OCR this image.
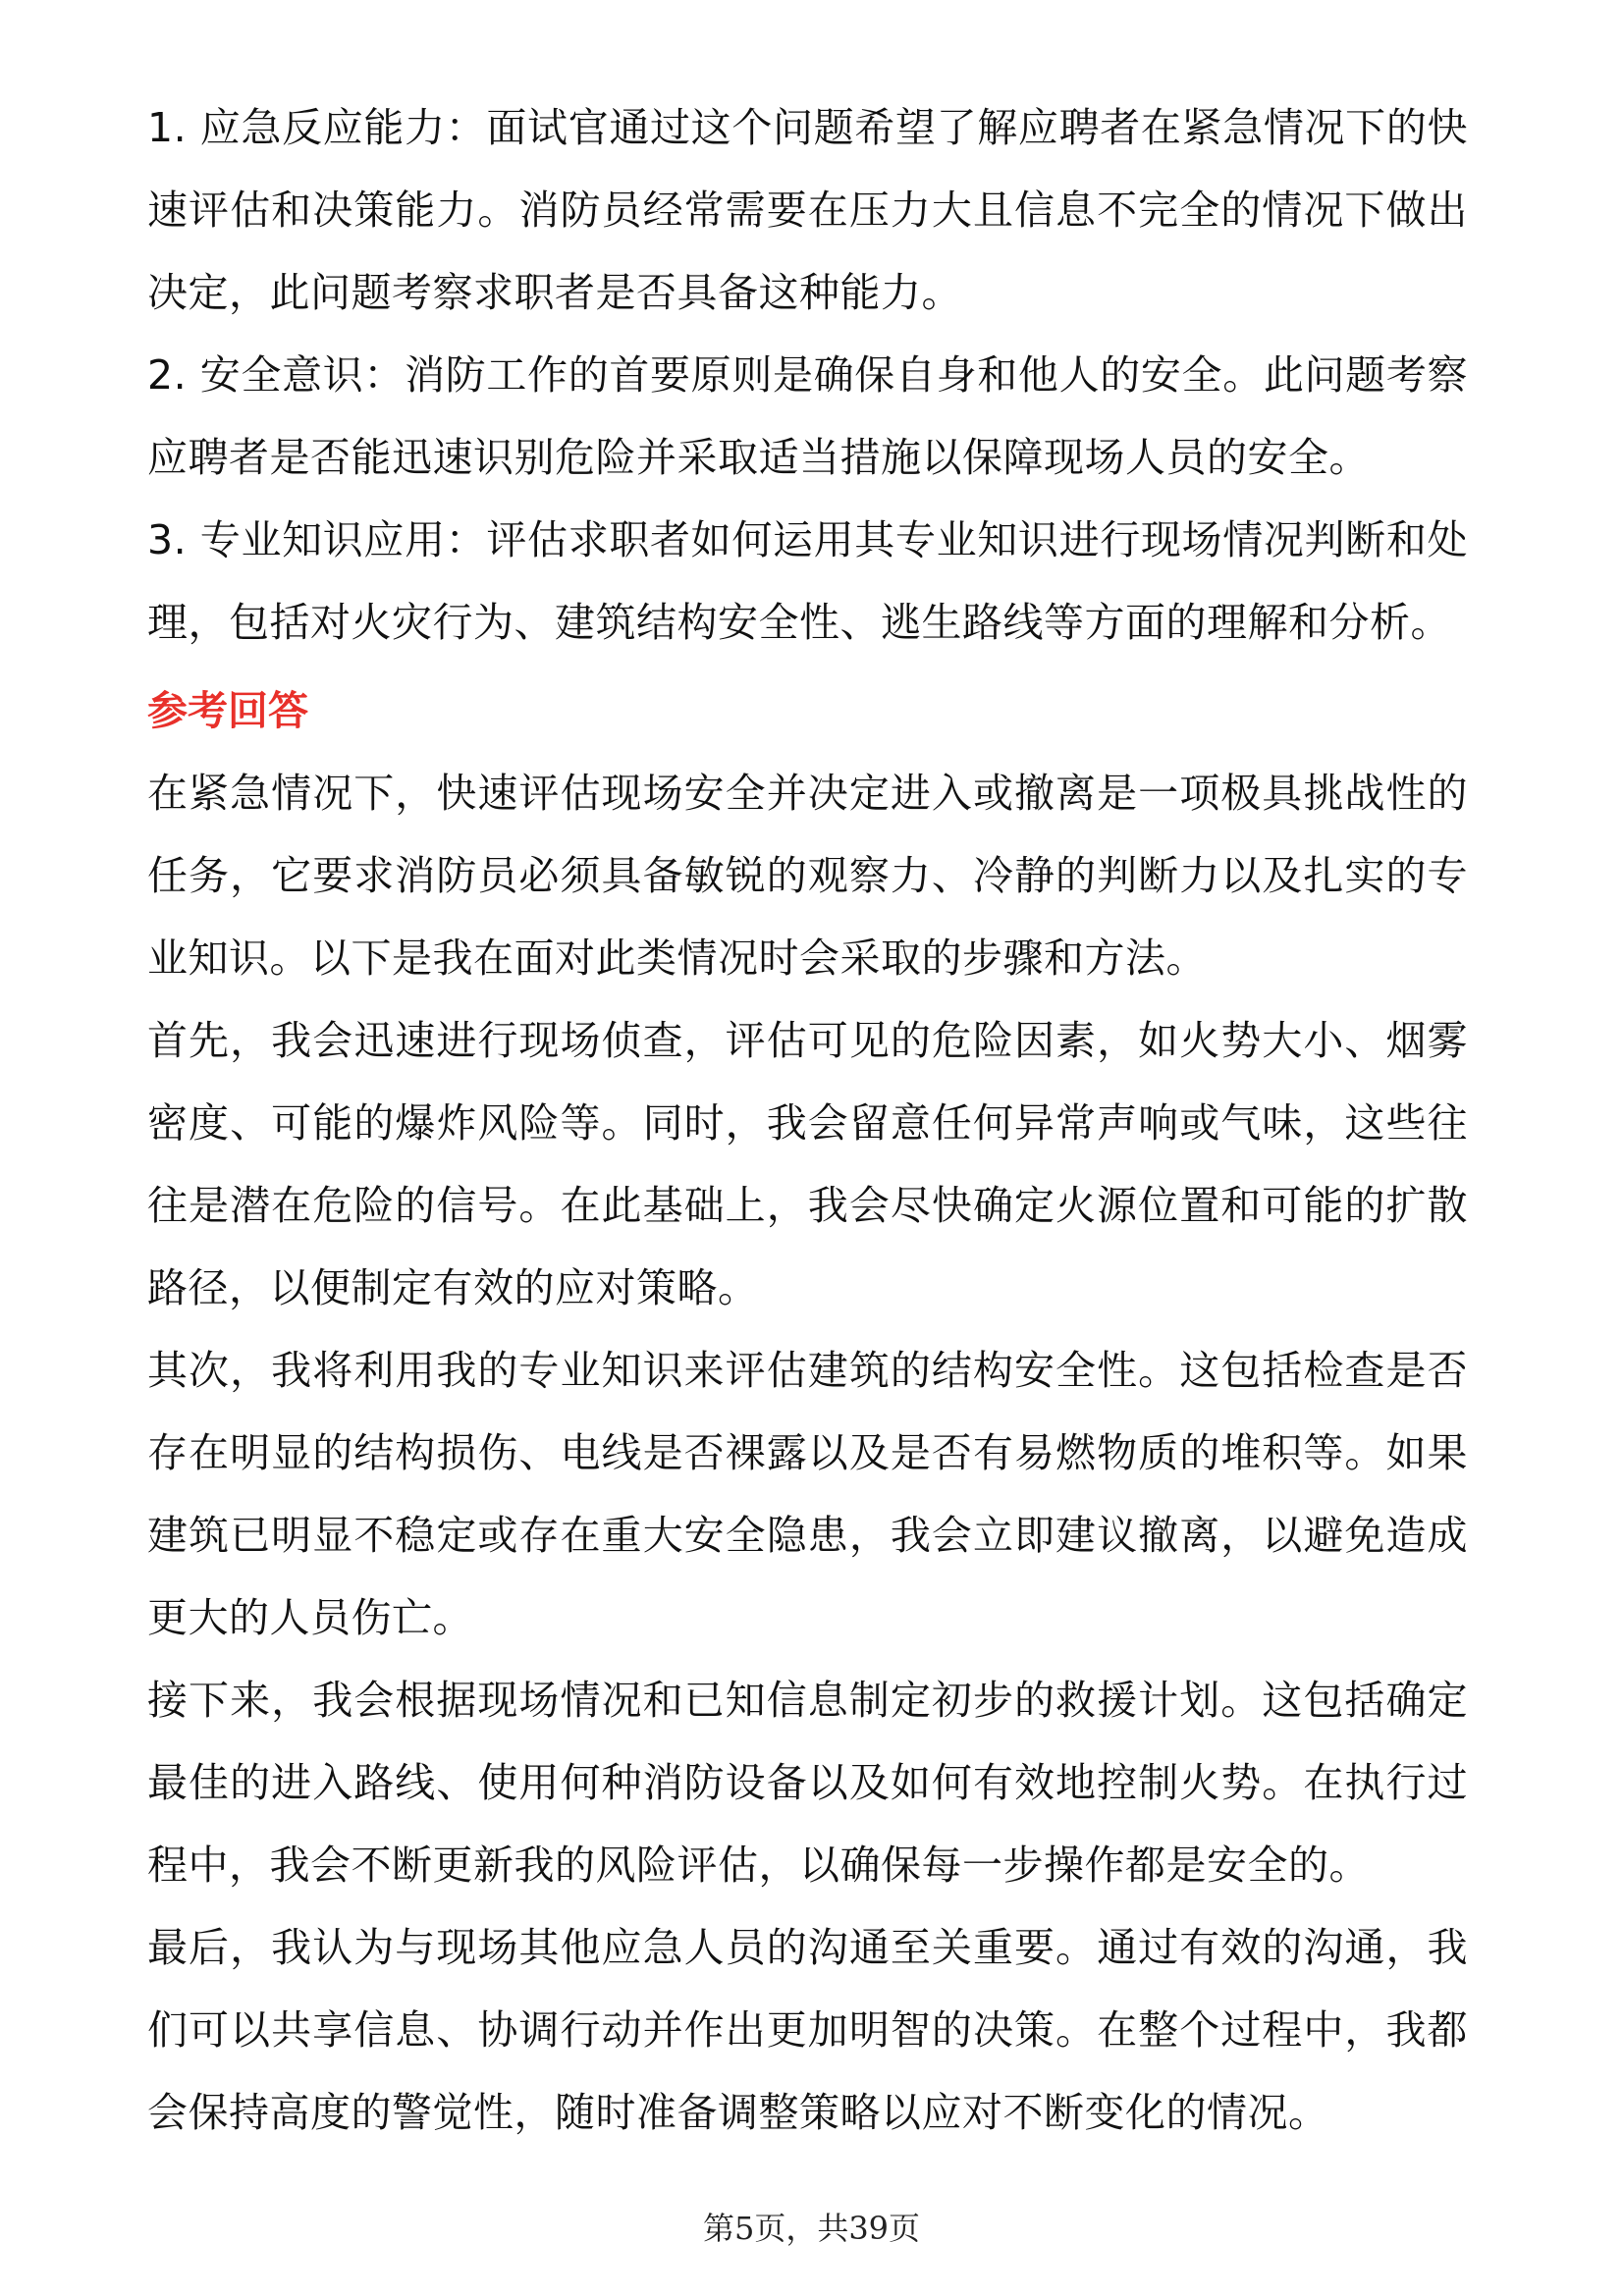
1. 应急反应能力：面试官通过这个问题希望了解应聘者在紧急情况下的快速评估和决策能力。消防员经常需要在压力大且信息不完全的情况下做出决定，此问题考察求职者是否具备这种能力。

2. 安全意识：消防工作的首要原则是确保自身和他人的安全。此问题考察应聘者是否能迅速识别危险并采取适当措施以保障现场人员的安全。

3. 专业知识应用：评估求职者如何运用其专业知识进行现场情况判断和处理，包括对火灾行为、建筑结构安全性、逃生路线等方面的理解和分析。

参考回答

在紧急情况下，快速评估现场安全并决定进入或撤离是一项极具挑战性的任务，它要求消防员必须具备敏锐的观察力、冷静的判断力以及扎实的专业知识。以下是我在面对此类情况时会采取的步骤和方法。

首先，我会迅速进行现场侦查，评估可见的危险因素，如火势大小、烟雾密度、可能的爆炸风险等。同时，我会留意任何异常声响或气味，这些往往是潜在危险的信号。在此基础上，我会尽快确定火源位置和可能的扩散路径，以便制定有效的应对策略。

其次，我将利用我的专业知识来评估建筑的结构安全性。这包括检查是否存在明显的结构损伤、电线是否裸露以及是否有易燃物质的堆积等。如果建筑已明显不稳定或存在重大安全隐患，我会立即建议撤离，以避免造成更大的人员伤亡。

接下来，我会根据现场情况和已知信息制定初步的救援计划。这包括确定最佳的进入路线、使用何种消防设备以及如何有效地控制火势。在执行过程中，我会不断更新我的风险评估，以确保每一步操作都是安全的。

最后，我认为与现场其他应急人员的沟通至关重要。通过有效的沟通，我们可以共享信息、协调行动并作出更加明智的决策。在整个过程中，我都会保持高度的警觉性，随时准备调整策略以应对不断变化的情况。

第5页，共39页
